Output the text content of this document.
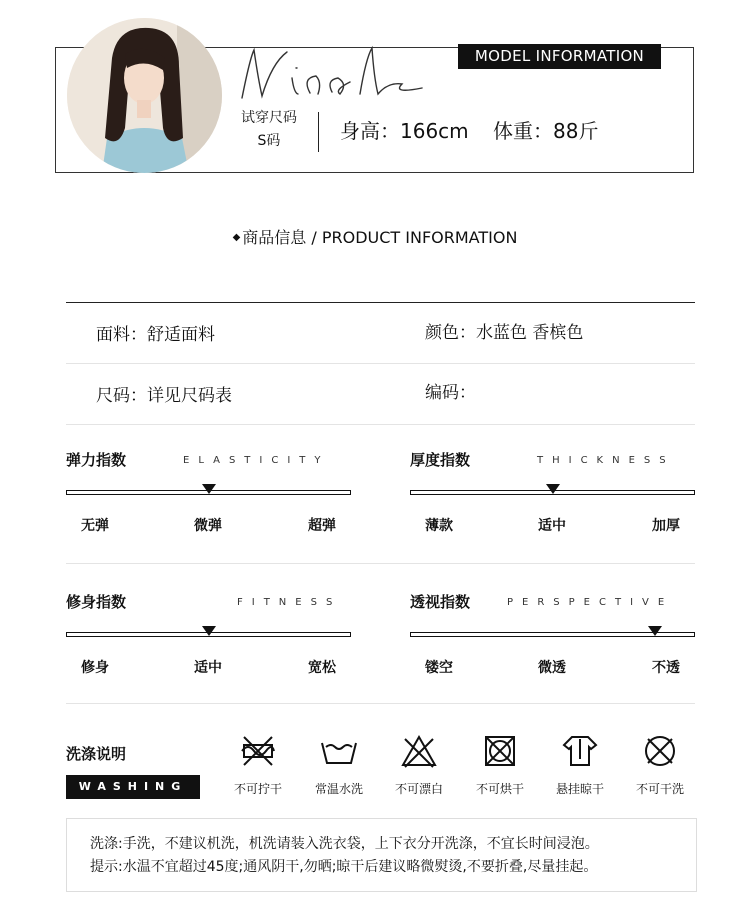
MODEL INFORMATION
试穿尺码
S码	身高：166cm 体重：88斤
◆ 商品信息 / PRODUCT INFORMATION
面料：舒适面料	颜色：水蓝色 香槟色
尺码：详见尺码表	编码：
弹力指数	ELASTICITY
无弹	微弹	超弹
厚度指数	THICKNESS
薄款	适中	加厚
修身指数	FITNESS
修身	适中	宽松
透视指数	PERSPECTIVE
镂空	微透	不透
洗涤说明
WASHING	不可拧干	常温水洗	不可漂白	不可烘干	悬挂晾干	不可干洗
洗涤:手洗，不建议机洗，机洗请装入洗衣袋，上下衣分开洗涤，不宜长时间浸泡。
提示:水温不宜超过45度;通风阴干,勿晒;晾干后建议略微熨烫,不要折叠,尽量挂起。
